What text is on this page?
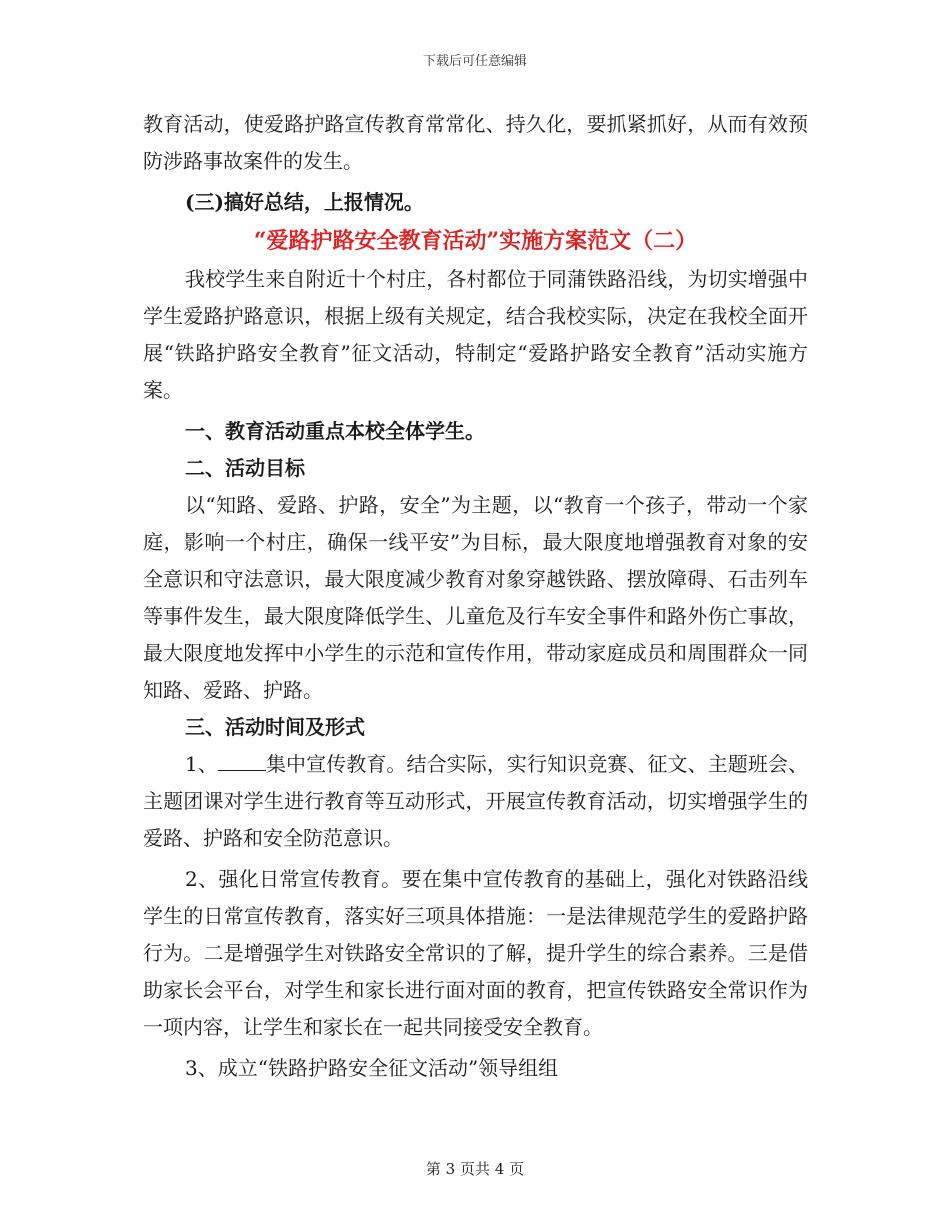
下载后可任意编辑

教育活动，使爱路护路宣传教育常常化、持久化，要抓紧抓好，从而有效预防涉路事故案件的发生。

(三)搞好总结，上报情况。

“爱路护路安全教育活动”实施方案范文（二）

我校学生来自附近十个村庄，各村都位于同蒲铁路沿线，为切实增强中学生爱路护路意识，根据上级有关规定，结合我校实际，决定在我校全面开展“铁路护路安全教育”征文活动，特制定“爱路护路安全教育”活动实施方案。

一、教育活动重点本校全体学生。

二、活动目标

以“知路、爱路、护路，安全”为主题，以“教育一个孩子，带动一个家庭，影响一个村庄，确保一线平安”为目标，最大限度地增强教育对象的安全意识和守法意识，最大限度减少教育对象穿越铁路、摆放障碍、石击列车等事件发生，最大限度降低学生、儿童危及行车安全事件和路外伤亡事故，最大限度地发挥中小学生的示范和宣传作用，带动家庭成员和周围群众一同知路、爱路、护路。

三、活动时间及形式

1、 集中宣传教育。结合实际，实行知识竞赛、征文、主题班会、主题团课对学生进行教育等互动形式，开展宣传教育活动，切实增强学生的爱路、护路和安全防范意识。

2、强化日常宣传教育。要在集中宣传教育的基础上，强化对铁路沿线学生的日常宣传教育，落实好三项具体措施：一是法律规范学生的爱路护路行为。二是增强学生对铁路安全常识的了解，提升学生的综合素养。三是借助家长会平台，对学生和家长进行面对面的教育，把宣传铁路安全常识作为一项内容，让学生和家长在一起共同接受安全教育。

3、成立“铁路护路安全征文活动”领导组组

第 3 页共 4 页
